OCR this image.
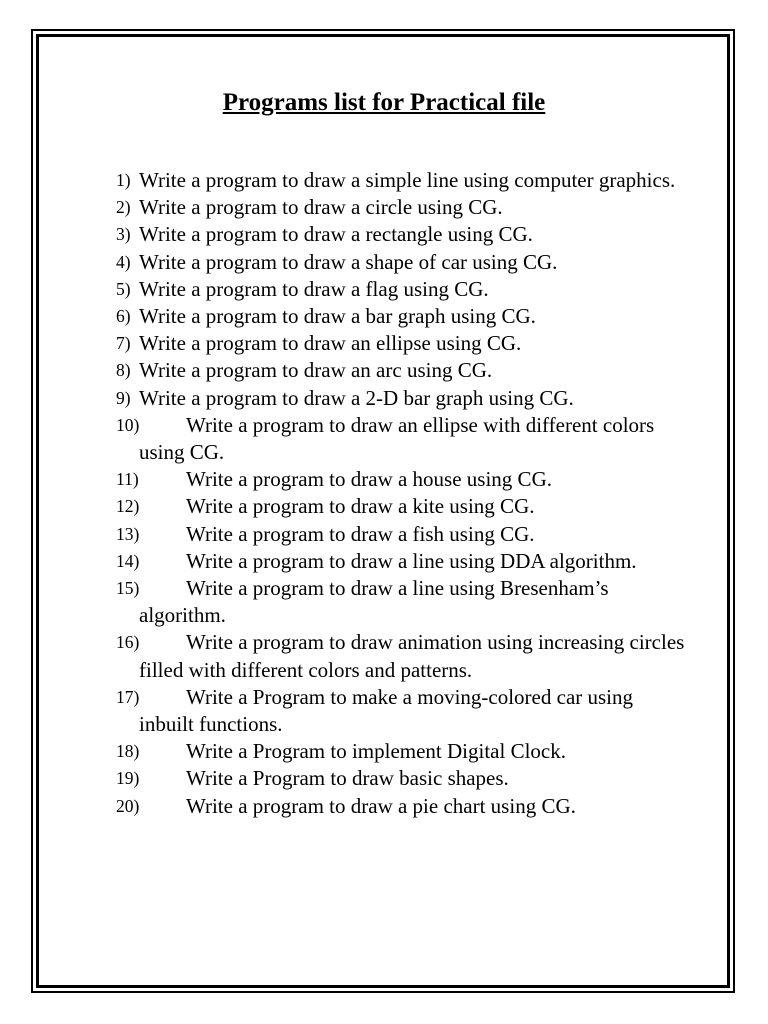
Programs list for Practical file
1) Write a program to draw a simple line using computer graphics.
2) Write a program to draw a circle using CG.
3) Write a program to draw a rectangle using CG.
4) Write a program to draw a shape of car using CG.
5) Write a program to draw a flag using CG.
6) Write a program to draw a bar graph using CG.
7) Write a program to draw an ellipse using CG.
8) Write a program to draw an arc using CG.
9) Write a program to draw a 2-D bar graph using CG.
10) Write a program to draw an ellipse with different colors using CG.
11) Write a program to draw a house using CG.
12) Write a program to draw a kite using CG.
13) Write a program to draw a fish using CG.
14) Write a program to draw a line using DDA algorithm.
15) Write a program to draw a line using Bresenham’s algorithm.
16) Write a program to draw animation using increasing circles filled with different colors and patterns.
17) Write a Program to make a moving-colored car using inbuilt functions.
18) Write a Program to implement Digital Clock.
19) Write a Program to draw basic shapes.
20) Write a program to draw a pie chart using CG.
